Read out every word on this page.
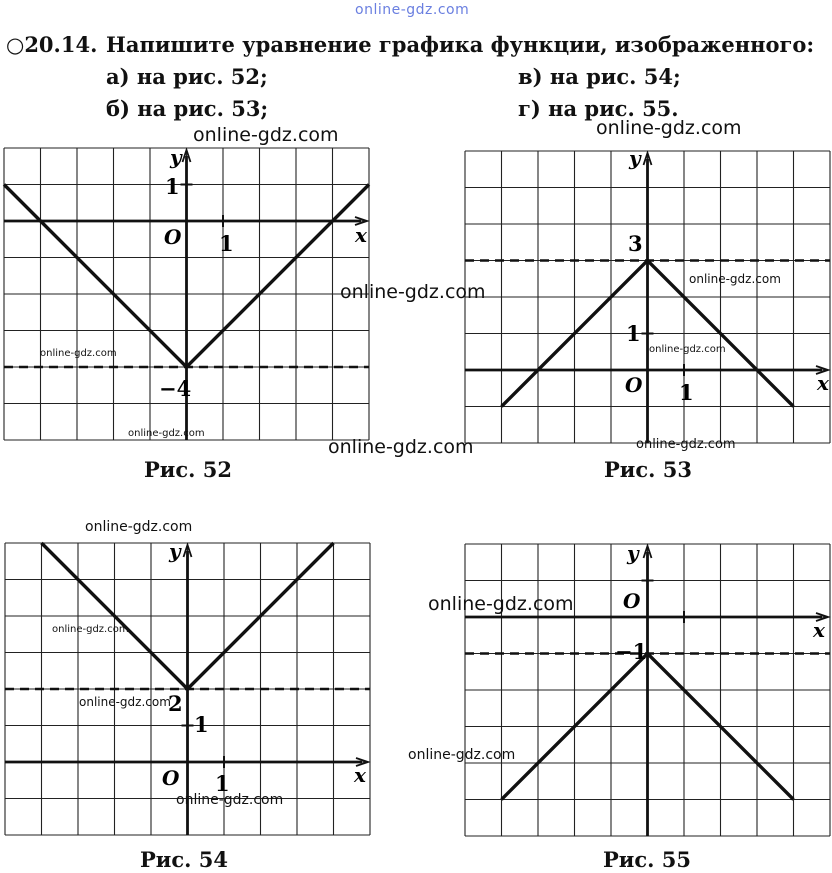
online-gdz.com
○20.14. Напишите уравнение графика функции, изображенного:
а) на рис. 52;	в) на рис. 54;
б) на рис. 53;	г) на рис. 55.
x
y
O
1
1
−4
Рис. 52
x
y
O
3
1
1
Рис. 53
x
y
O
2
1
1
Рис. 54
x
y
O
−1
Рис. 55
online-gdz.com	online-gdz.com
online-gdz.com
online-gdz.com
online-gdz.com
online-gdz.com
online-gdz.com
online-gdz.com
online-gdz.com
online-gdz.com
online-gdz.com
online-gdz.com
online-gdz.com
online-gdz.com
online-gdz.com
